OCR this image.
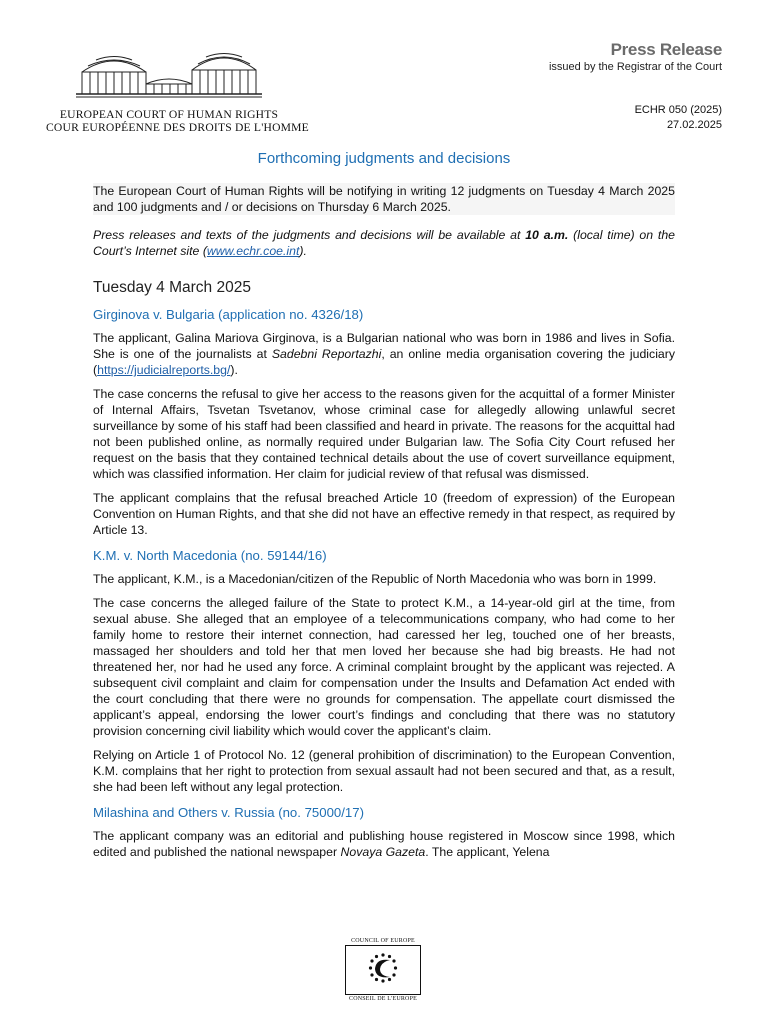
EUROPEAN COURT OF HUMAN RIGHTS
COUR EUROPÉENNE DES DROITS DE L'HOMME
Press Release
issued by the Registrar of the Court
ECHR 050 (2025)
27.02.2025
Forthcoming judgments and decisions

The European Court of Human Rights will be notifying in writing 12 judgments on Tuesday 4 March 2025 and 100 judgments and / or decisions on Thursday 6 March 2025.

Press releases and texts of the judgments and decisions will be available at 10 a.m. (local time) on the Court’s Internet site (www.echr.coe.int).

Tuesday 4 March 2025
Girginova v. Bulgaria (application no. 4326/18)

The applicant, Galina Mariova Girginova, is a Bulgarian national who was born in 1986 and lives in Sofia. She is one of the journalists at Sadebni Reportazhi, an online media organisation covering the judiciary (https://judicialreports.bg/).

The case concerns the refusal to give her access to the reasons given for the acquittal of a former Minister of Internal Affairs, Tsvetan Tsvetanov, whose criminal case for allegedly allowing unlawful secret surveillance by some of his staff had been classified and heard in private. The reasons for the acquittal had not been published online, as normally required under Bulgarian law. The Sofia City Court refused her request on the basis that they contained technical details about the use of covert surveillance equipment, which was classified information. Her claim for judicial review of that refusal was dismissed.

The applicant complains that the refusal breached Article 10 (freedom of expression) of the European Convention on Human Rights, and that she did not have an effective remedy in that respect, as required by Article 13.

K.M. v. North Macedonia (no. 59144/16)

The applicant, K.M., is a Macedonian/citizen of the Republic of North Macedonia who was born in 1999.

The case concerns the alleged failure of the State to protect K.M., a 14-year-old girl at the time, from sexual abuse. She alleged that an employee of a telecommunications company, who had come to her family home to restore their internet connection, had caressed her leg, touched one of her breasts, massaged her shoulders and told her that men loved her because she had big breasts. He had not threatened her, nor had he used any force. A criminal complaint brought by the applicant was rejected. A subsequent civil complaint and claim for compensation under the Insults and Defamation Act ended with the court concluding that there were no grounds for compensation. The appellate court dismissed the applicant’s appeal, endorsing the lower court’s findings and concluding that there was no statutory provision concerning civil liability which would cover the applicant’s claim.

Relying on Article 1 of Protocol No. 12 (general prohibition of discrimination) to the European Convention, K.M. complains that her right to protection from sexual assault had not been secured and that, as a result, she had been left without any legal protection.

Milashina and Others v. Russia (no. 75000/17)

The applicant company was an editorial and publishing house registered in Moscow since 1998, which edited and published the national newspaper Novaya Gazeta. The applicant, Yelena

COUNCIL OF EUROPE
CONSEIL DE L'EUROPE
